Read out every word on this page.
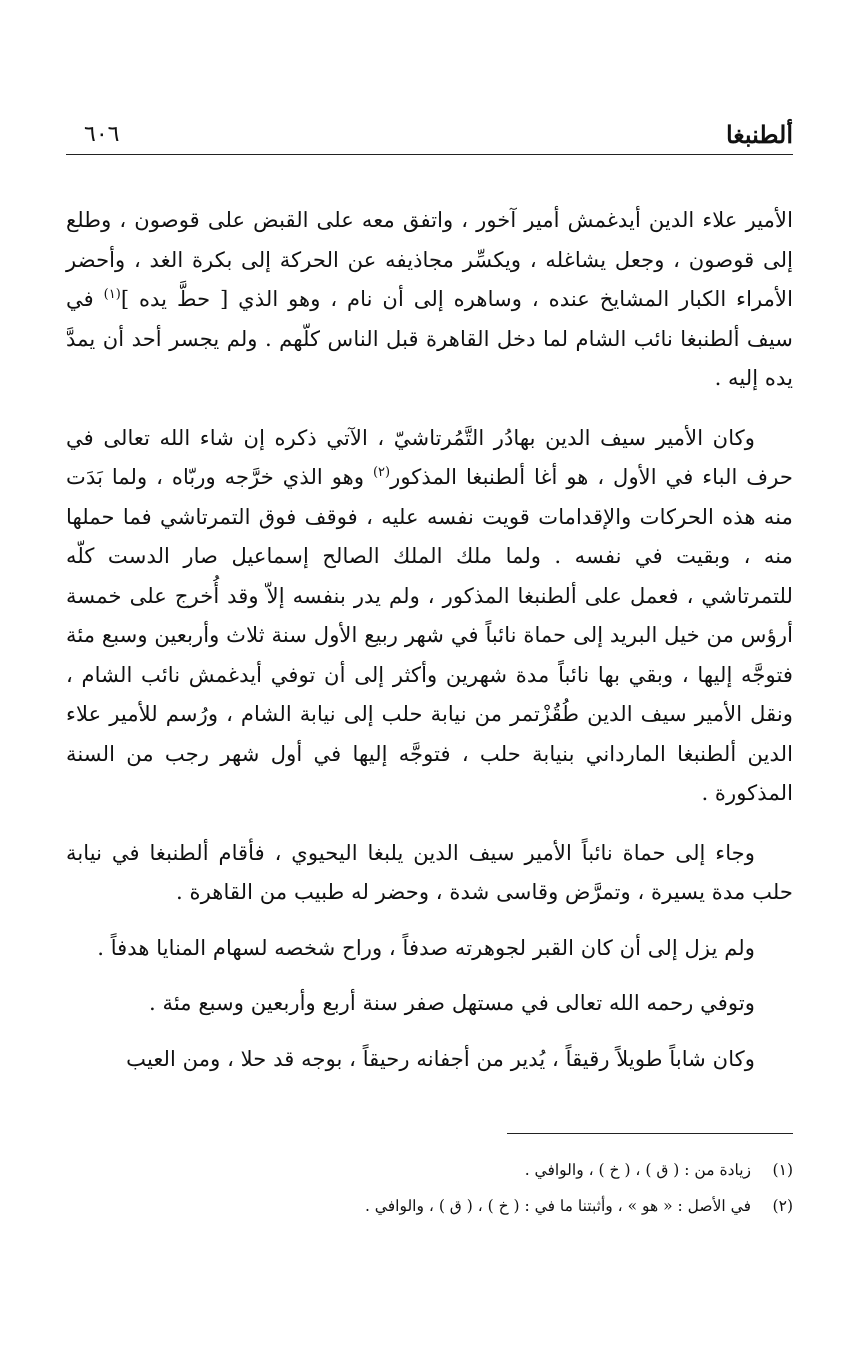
ألطنبغا
٦٠٦

الأمير علاء الدين أيدغمش أمير آخور ، واتفق معه على القبض على قوصون ، وطلع إلى قوصون ، وجعل يشاغله ، ويكسِّر مجاذيفه عن الحركة إلى بكرة الغد ، وأحضر الأمراء الكبار المشايخ عنده ، وساهره إلى أن نام ، وهو الذي [ حطَّ يده ]$^{(١)}$ في سيف ألطنبغا نائب الشام لما دخل القاهرة قبل الناس كلّهم . ولم يجسر أحد أن يمدَّ يده إليه .

وكان الأمير سيف الدين بهادُر التَّمُرتاشيّ ، الآتي ذكره إن شاء الله تعالى في حرف الباء في الأول ، هو أغا ألطنبغا المذكور$^{(٢)}$ وهو الذي خرَّجه وربّاه ، ولما بَدَت منه هذه الحركات والإقدامات قويت نفسه عليه ، فوقف فوق التمرتاشي فما حملها منه ، وبقيت في نفسه . ولما ملك الملك الصالح إسماعيل صار الدست كلّه للتمرتاشي ، فعمل على ألطنبغا المذكور ، ولم يدر بنفسه إلاّ وقد أُخرج على خمسة أرؤس من خيل البريد إلى حماة نائباً في شهر ربيع الأول سنة ثلاث وأربعين وسبع مئة فتوجَّه إليها ، وبقي بها نائباً مدة شهرين وأكثر إلى أن توفي أيدغمش نائب الشام ، ونقل الأمير سيف الدين طُقُزْتمر من نيابة حلب إلى نيابة الشام ، ورُسم للأمير علاء الدين ألطنبغا المارداني بنيابة حلب ، فتوجَّه إليها في أول شهر رجب من السنة المذكورة .

وجاء إلى حماة نائباً الأمير سيف الدين يلبغا اليحيوي ، فأقام ألطنبغا في نيابة حلب مدة يسيرة ، وتمرَّض وقاسى شدة ، وحضر له طبيب من القاهرة .

ولم يزل إلى أن كان القبر لجوهرته صدفاً ، وراح شخصه لسهام المنايا هدفاً .

وتوفي رحمه الله تعالى في مستهل صفر سنة أربع وأربعين وسبع مئة .

وكان شاباً طويلاً رقيقاً ، يُدير من أجفانه رحيقاً ، بوجه قد حلا ، ومن العيب

(١)
زيادة من : ( ق ) ، ( خ ) ، والوافي .
(٢)
في الأصل : « هو » ، وأثبتنا ما في : ( خ ) ، ( ق ) ، والوافي .
